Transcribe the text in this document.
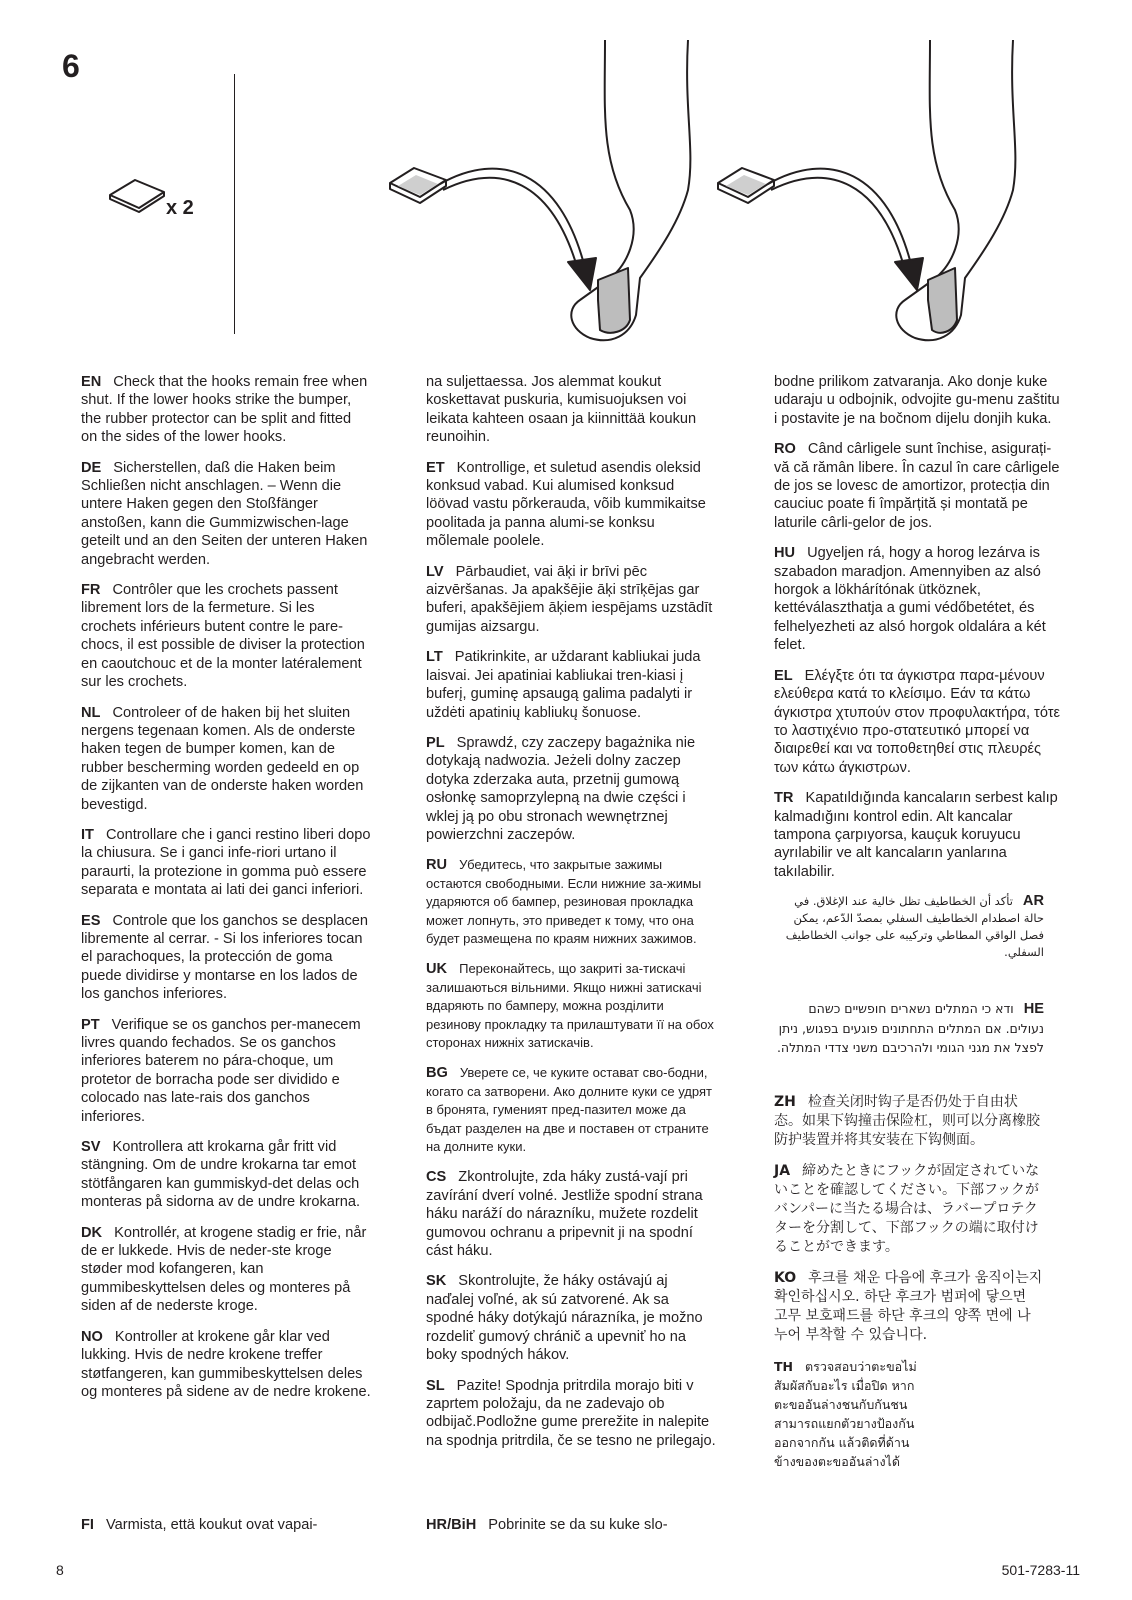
6
x 2
EN Check that the hooks remain free when shut. If the lower hooks strike the bumper, the rubber protector can be split and fitted on the sides of the lower hooks.
DE Sicherstellen, daß die Haken beim Schließen nicht anschlagen. – Wenn die untere Haken gegen den Stoßfänger anstoßen, kann die Gummizwischen-lage geteilt und an den Seiten der unteren Haken angebracht werden.
FR Contrôler que les crochets passent librement lors de la fermeture. Si les crochets inférieurs butent contre le pare-chocs, il est possible de diviser la protection en caoutchouc et de la monter latéralement sur les crochets.
NL Controleer of de haken bij het sluiten nergens tegenaan komen. Als de onderste haken tegen de bumper komen, kan de rubber bescherming worden gedeeld en op de zijkanten van de onderste haken worden bevestigd.
IT Controllare che i ganci restino liberi dopo la chiusura. Se i ganci infe-riori urtano il paraurti, la protezione in gomma può essere separata e montata ai lati dei ganci inferiori.
ES Controle que los ganchos se desplacen libremente al cerrar. - Si los inferiores tocan el parachoques, la protección de goma puede dividirse y montarse en los lados de los ganchos inferiores.
PT Verifique se os ganchos per-manecem livres quando fechados. Se os ganchos inferiores baterem no pára-choque, um protetor de borracha pode ser dividido e colocado nas late-rais dos ganchos inferiores.
SV Kontrollera att krokarna går fritt vid stängning. Om de undre krokarna tar emot stötfångaren kan gummiskyd-det delas och monteras på sidorna av de undre krokarna.
DK Kontrollér, at krogene stadig er frie, når de er lukkede. Hvis de neder-ste kroge støder mod kofangeren, kan gummibeskyttelsen deles og monteres på siden af de nederste kroge.
NO Kontroller at krokene går klar ved lukking. Hvis de nedre krokene treffer støtfangeren, kan gummibeskyttelsen deles og monteres på sidene av de nedre krokene.
FI Varmista, että koukut ovat vapai-
na suljettaessa. Jos alemmat koukut koskettavat puskuria, kumisuojuksen voi leikata kahteen osaan ja kiinnittää koukun reunoihin.
ET Kontrollige, et suletud asendis oleksid konksud vabad. Kui alumised konksud löövad vastu põrkerauda, võib kummikaitse poolitada ja panna alumi-se konksu mõlemale poolele.
LV Pārbaudiet, vai āķi ir brīvi pēc aizvēršanas. Ja apakšējie āķi strīķējas gar buferi, apakšējiem āķiem iespējams uzstādīt gumijas aizsargu.
LT Patikrinkite, ar uždarant kabliukai juda laisvai. Jei apatiniai kabliukai tren-kiasi į buferį, guminę apsaugą galima padalyti ir uždėti apatinių kabliukų šonuose.
PL Sprawdź, czy zaczepy bagażnika nie dotykają nadwozia. Jeżeli dolny zaczep dotyka zderzaka auta, przetnij gumową osłonkę samoprzylepną na dwie części i wklej ją po obu stronach wewnętrznej powierzchni zaczepów.
RU Убедитесь, что закрытые зажимы остаются свободными. Если нижние за-жимы ударяются об бампер, резиновая прокладка может лопнуть, это приведет к тому, что она будет размещена по краям нижних зажимов.
UK Переконайтесь, що закриті за-тискачі залишаються вільними. Якщо нижні затискачі вдаряють по бамперу, можна розділити резинову прокладку та прилаштувати її на обох сторонах нижніх затискачів.
BG Уверете се, че куките остават сво-бодни, когато са затворени. Ако долните куки се удрят в бронята, гуменият пред-пазител може да бъдат разделен на две и поставен от страните на долните куки.
CS Zkontrolujte, zda háky zustá-vají pri zavírání dverí volné. Jestliže spodní strana háku naráží do nárazníku, mužete rozdelit gumovou ochranu a pripevnit ji na spodní cást háku.
SK Skontrolujte, že háky ostávajú aj naďalej voľné, ak sú zatvorené. Ak sa spodné háky dotýkajú nárazníka, je možno rozdeliť gumový chránič a upevniť ho na boky spodných hákov.
SL Pazite! Spodnja pritrdila morajo biti v zaprtem položaju, da ne zadevajo ob odbijač.Podložne gume prerežite in nalepite na spodnja pritrdila, če se tesno ne prilegajo.
HR/BiH Pobrinite se da su kuke slo-
bodne prilikom zatvaranja. Ako donje kuke udaraju u odbojnik, odvojite gu-menu zaštitu i postavite je na bočnom dijelu donjih kuka.
RO Când cârligele sunt închise, asigurați-vă că rămân libere. În cazul în care cârligele de jos se lovesc de amortizor, protecția din cauciuc poate fi împărțită și montată pe laturile cârli-gelor de jos.
HU Ugyeljen rá, hogy a horog lezárva is szabadon maradjon. Amennyiben az alsó horgok a lökhárítónak ütköznek, kettéválaszthatja a gumi védőbetétet, és felhelyezheti az alsó horgok oldalára a két felet.
EL Ελέγξτε ότι τα άγκιστρα παρα-μένουν ελεύθερα κατά το κλείσιμο. Εάν τα κάτω άγκιστρα χτυπούν στον προφυλακτήρα, τότε το λαστιχένιο προ-στατευτικό μπορεί να διαιρεθεί και να τοποθετηθεί στις πλευρές των κάτω άγκιστρων.
TR Kapatıldığında kancaların serbest kalıp kalmadığını kontrol edin. Alt kancalar tampona çarpıyorsa, kauçuk koruyucu ayrılabilir ve alt kancaların yanlarına takılabilir.
ARتأكد أن الخطاطيف تظل خالية عند الإغلاق. في حالة اصطدام الخطاطيف السفلي بمصدّ الدّعم، يمكن فصل الواقي المطاطي وتركيبه على جوانب الخطاطيف السفلي.
HEודא כי המתלים נשארים חופשיים כשהם נעולים. אם המתלים התחתונים פוגעים בפגוש, ניתן לפצל את מגני הגומי ולהרכיבם משני צדדי המתלה.
ZH 检查关闭时钩子是否仍处于自由状态。如果下钩撞击保险杠，则可以分离橡胶防护装置并将其安装在下钩侧面。
JA 締めたときにフックが固定されていないことを確認してください。下部フックがバンパーに当たる場合は、ラバープロテクターを分割して、下部フックの端に取付けることができます。
KO 후크를 채운 다음에 후크가 움직이는지 확인하십시오. 하단 후크가 범퍼에 닿으면 고무 보호패드를 하단 후크의 양쪽 면에 나누어 부착할 수 있습니다.
TH ตรวจสอบว่าตะขอไม่สัมผัสกับอะไร เมื่อปิด หากตะขออันล่างชนกับกันชน สามารถแยกตัวยางป้องกันออกจากกัน แล้วติดที่ด้านข้างของตะขออันล่างได้
8	501-7283-11
